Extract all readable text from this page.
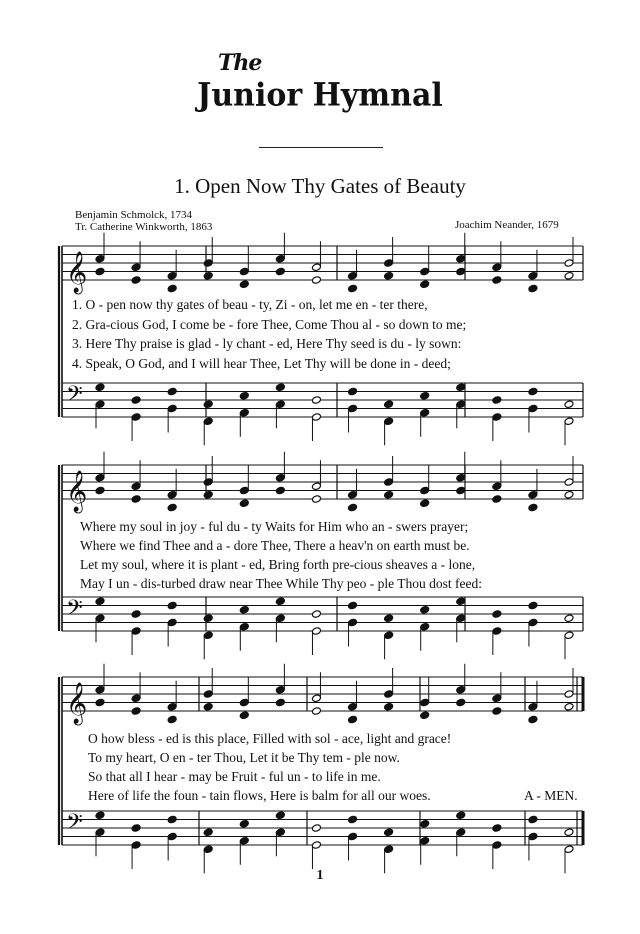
The
Junior Hymnal
1. Open Now Thy Gates of Beauty
Benjamin Schmolck, 1734
Tr. Catherine Winkworth, 1863	Joachim Neander, 1679
𝄞
𝄢
𝄞
𝄢
𝄞
𝄢
1. O - pen now thy gates of beau - ty, Zi - on, let me en - ter there,
2. Gra-cious God, I come be - fore Thee, Come Thou al - so down to me;
3. Here Thy praise is glad - ly chant - ed, Here Thy seed is du - ly sown:
4. Speak, O God, and I will hear Thee, Let Thy will be done in - deed;
Where my soul in joy - ful du - ty Waits for Him who an - swers prayer;
Where we find Thee and a - dore Thee, There a heav'n on earth must be.
Let my soul, where it is plant - ed, Bring forth pre-cious sheaves a - lone,
May I un - dis-turbed draw near Thee While Thy peo - ple Thou dost feed:
O how bless - ed is this place, Filled with sol - ace, light and grace!
To my heart, O en - ter Thou, Let it be Thy tem - ple now.
So that all I hear - may be Fruit - ful un - to life in me.
Here of life the foun - tain flows, Here is balm for all our woes.	A - MEN.
1
